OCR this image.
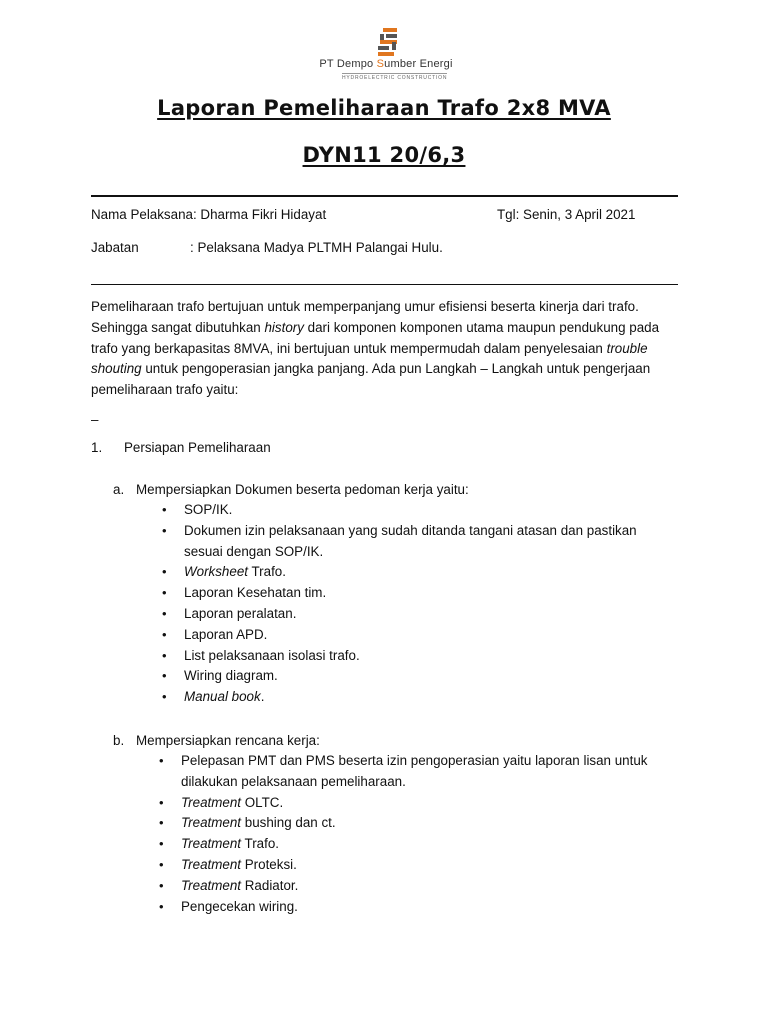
PT Dempo Sumber Energi
HYDROELECTRIC CONSTRUCTION
Laporan Pemeliharaan Trafo 2x8 MVA
DYN11 20/6,3
Nama Pelaksana: Dharma Fikri Hidayat	Tgl: Senin, 3 April 2021
Jabatan	: Pelaksana Madya PLTMH Palangai Hulu.
Pemeliharaan trafo bertujuan untuk memperpanjang umur efisiensi beserta kinerja dari trafo. Sehingga sangat dibutuhkan history dari komponen komponen utama maupun pendukung pada trafo yang berkapasitas 8MVA, ini bertujuan untuk mempermudah dalam penyelesaian trouble shouting untuk pengoperasian jangka panjang. Ada pun Langkah – Langkah untuk pengerjaan pemeliharaan trafo yaitu:
–
1. Persiapan Pemeliharaan
a. Mempersiapkan Dokumen beserta pedoman kerja yaitu:
• SOP/IK.
• Dokumen izin pelaksanaan yang sudah ditanda tangani atasan dan pastikan sesuai dengan SOP/IK.
• Worksheet Trafo.
• Laporan Kesehatan tim.
• Laporan peralatan.
• Laporan APD.
• List pelaksanaan isolasi trafo.
• Wiring diagram.
• Manual book.
b. Mempersiapkan rencana kerja:
• Pelepasan PMT dan PMS beserta izin pengoperasian yaitu laporan lisan untuk dilakukan pelaksanaan pemeliharaan.
• Treatment OLTC.
• Treatment bushing dan ct.
• Treatment Trafo.
• Treatment Proteksi.
• Treatment Radiator.
• Pengecekan wiring.
